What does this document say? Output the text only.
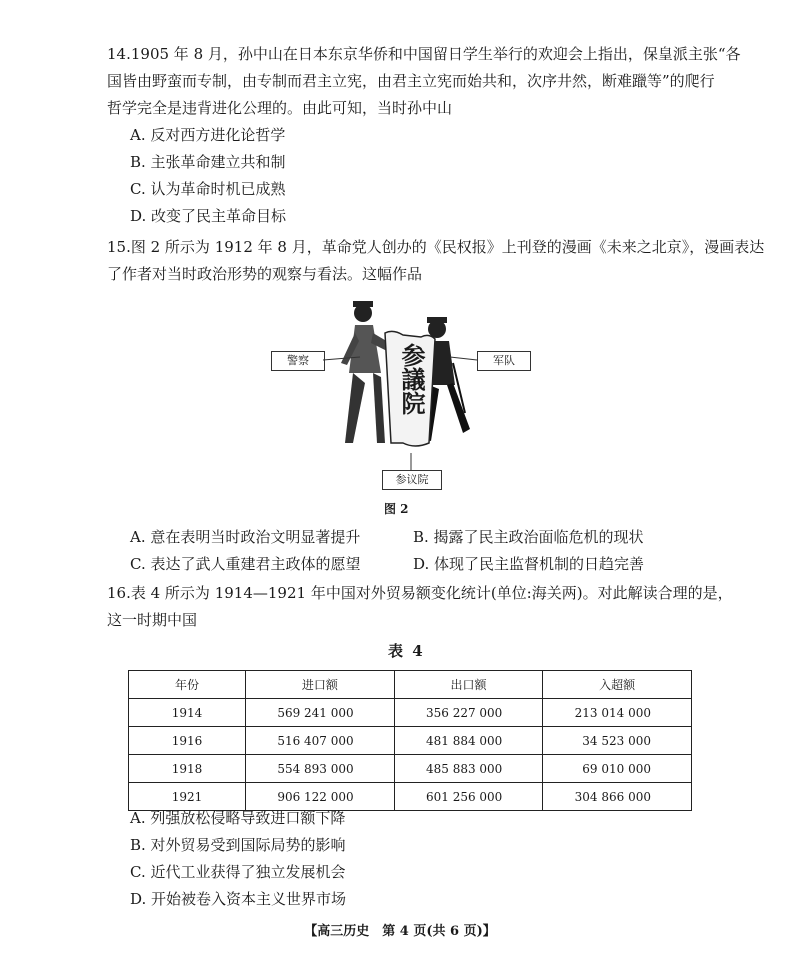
14.1905 年 8 月，孙中山在日本东京华侨和中国留日学生举行的欢迎会上指出，保皇派主张“各
国皆由野蛮而专制，由专制而君主立宪，由君主立宪而始共和，次序井然，断难躐等”的爬行
哲学完全是违背进化公理的。由此可知，当时孙中山
A. 反对西方进化论哲学
B. 主张革命建立共和制
C. 认为革命时机已成熟
D. 改变了民主革命目标
15.图 2 所示为 1912 年 8 月，革命党人创办的《民权报》上刊登的漫画《未来之北京》，漫画表达
了作者对当时政治形势的观察与看法。这幅作品
参議院
警察	军队
参议院
图 2
A. 意在表明当时政治文明显著提升	B. 揭露了民主政治面临危机的现状
C. 表达了武人重建君主政体的愿望	D. 体现了民主监督机制的日趋完善
16.表 4 所示为 1914—1921 年中国对外贸易额变化统计(单位:海关两)。对此解读合理的是，
这一时期中国
表 4
年份	进口额	出口额	入超额
1914	569 241 000	356 227 000	213 014 000
1916	516 407 000	481 884 000	34 523 000
1918	554 893 000	485 883 000	69 010 000
1921	906 122 000	601 256 000	304 866 000
A. 列强放松侵略导致进口额下降
B. 对外贸易受到国际局势的影响
C. 近代工业获得了独立发展机会
D. 开始被卷入资本主义世界市场
【高三历史　第 4 页(共 6 页)】
